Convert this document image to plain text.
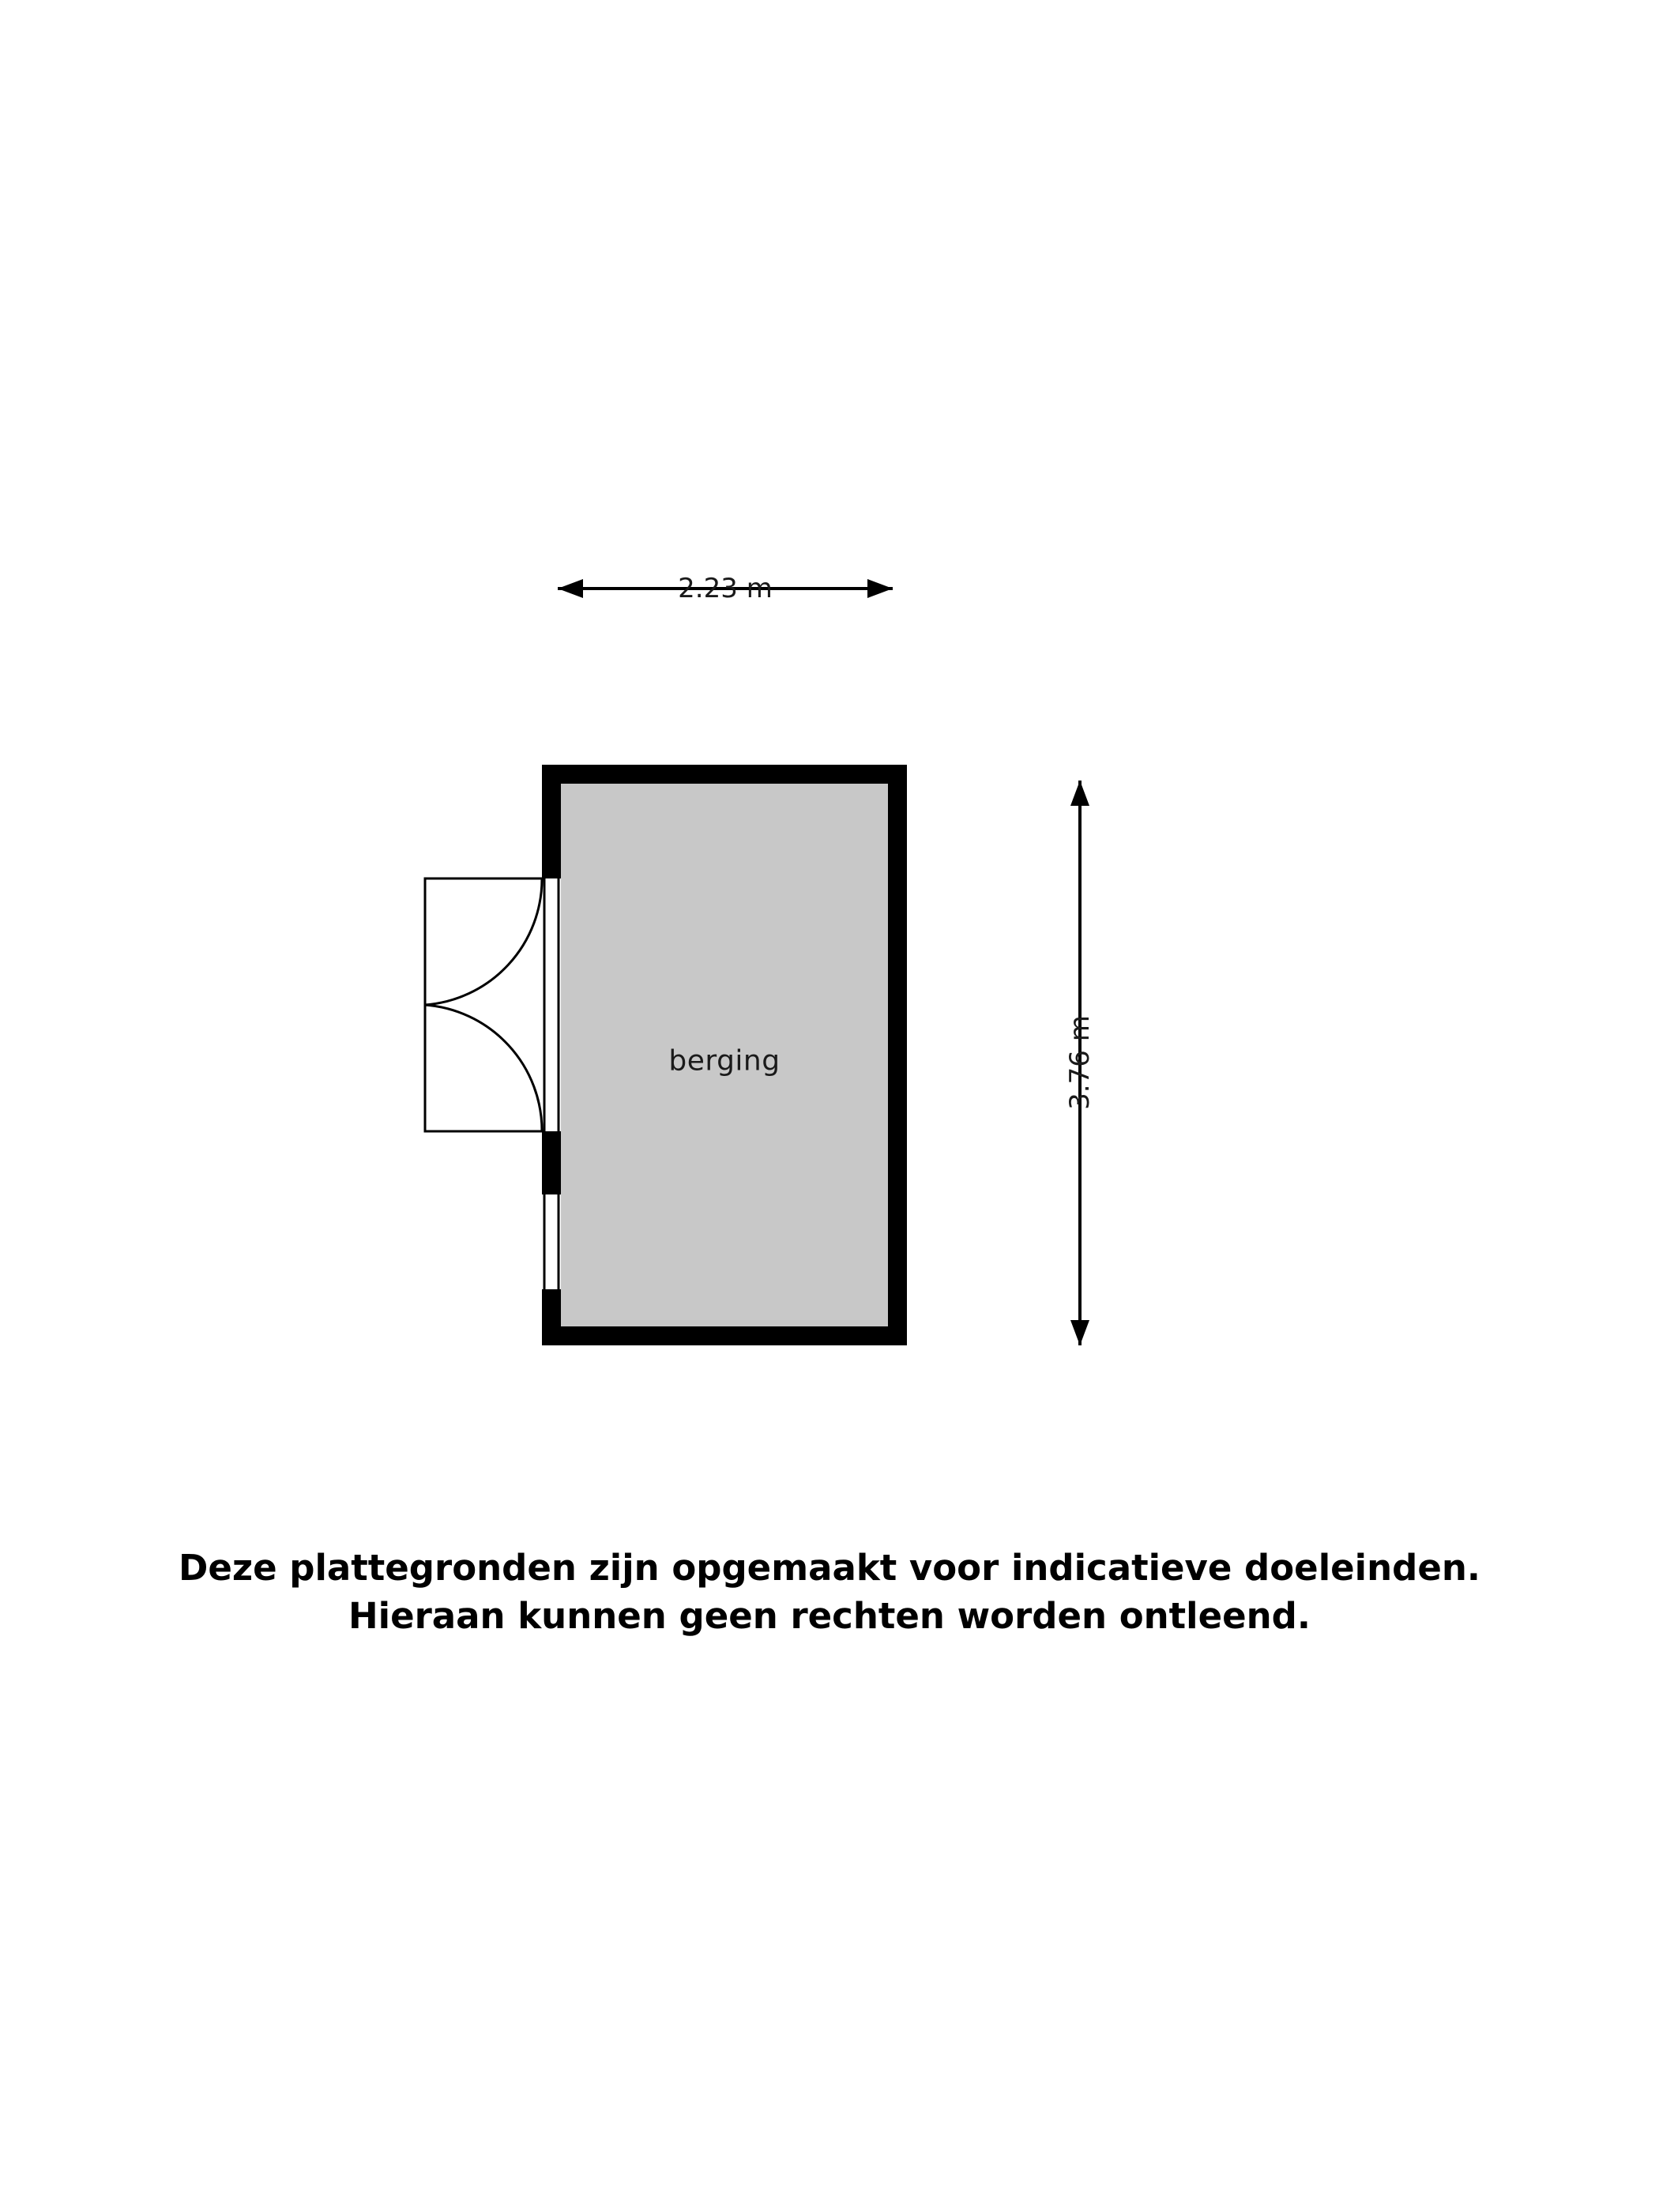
berging
2.23 m
3.76 m
Deze plattegronden zijn opgemaakt voor indicatieve doeleinden.
Hieraan kunnen geen rechten worden ontleend.
